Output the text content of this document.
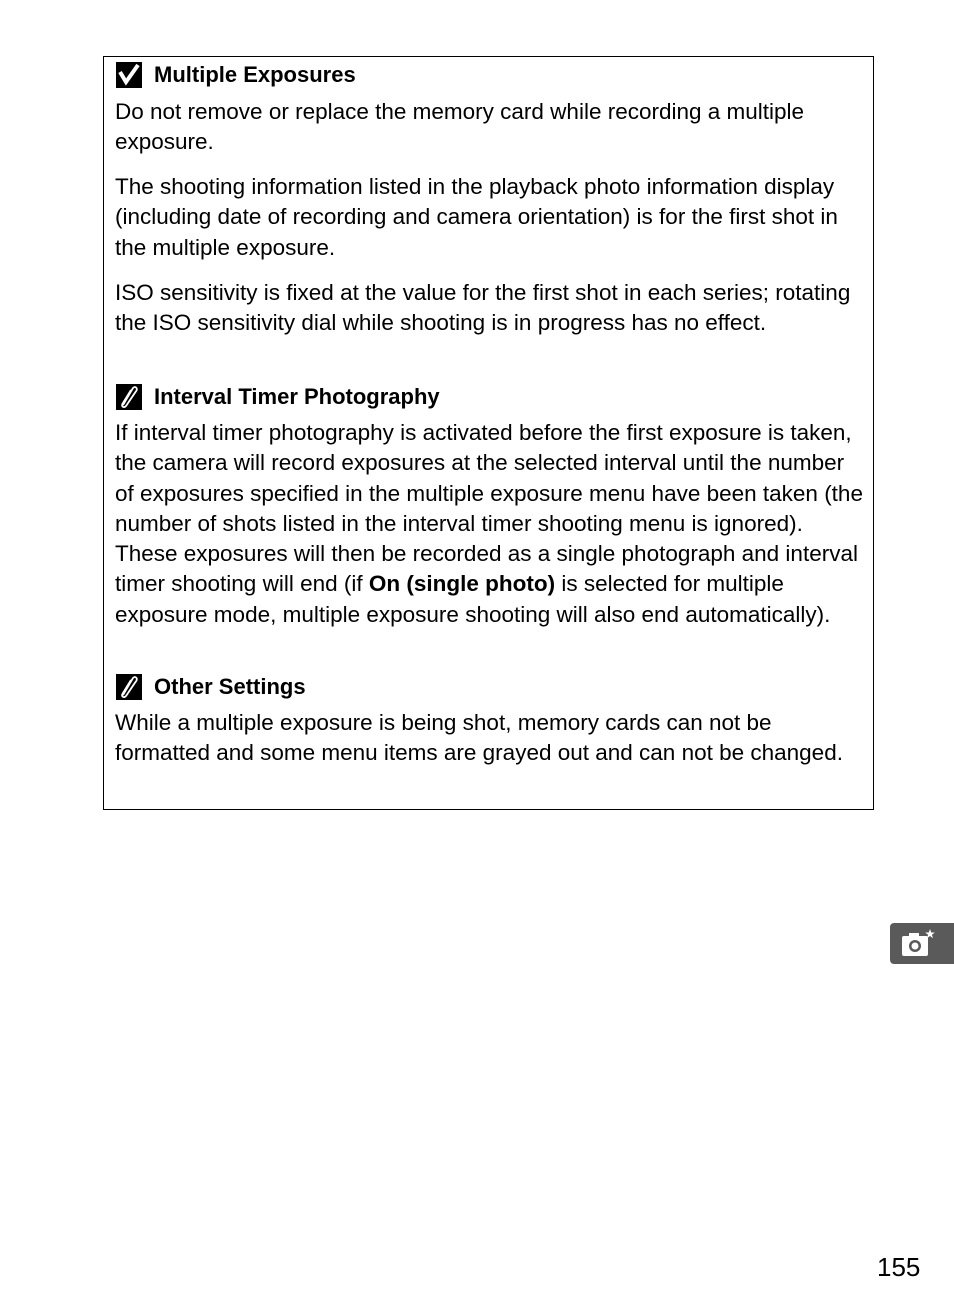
Multiple Exposures

Do not remove or replace the memory card while recording a multiple exposure.

The shooting information listed in the playback photo information display (including date of recording and camera orientation) is for the first shot in the multiple exposure.

ISO sensitivity is fixed at the value for the first shot in each series; rotating the ISO sensitivity dial while shooting is in progress has no effect.

Interval Timer Photography

If interval timer photography is activated before the first exposure is taken, the camera will record exposures at the selected interval until the number of exposures specified in the multiple exposure menu have been taken (the number of shots listed in the interval timer shooting menu is ignored). These exposures will then be recorded as a single photograph and interval timer shooting will end (if On (single photo) is selected for multiple exposure mode, multiple exposure shooting will also end automatically).

Other Settings

While a multiple exposure is being shot, memory cards can not be formatted and some menu items are grayed out and can not be changed.

155
